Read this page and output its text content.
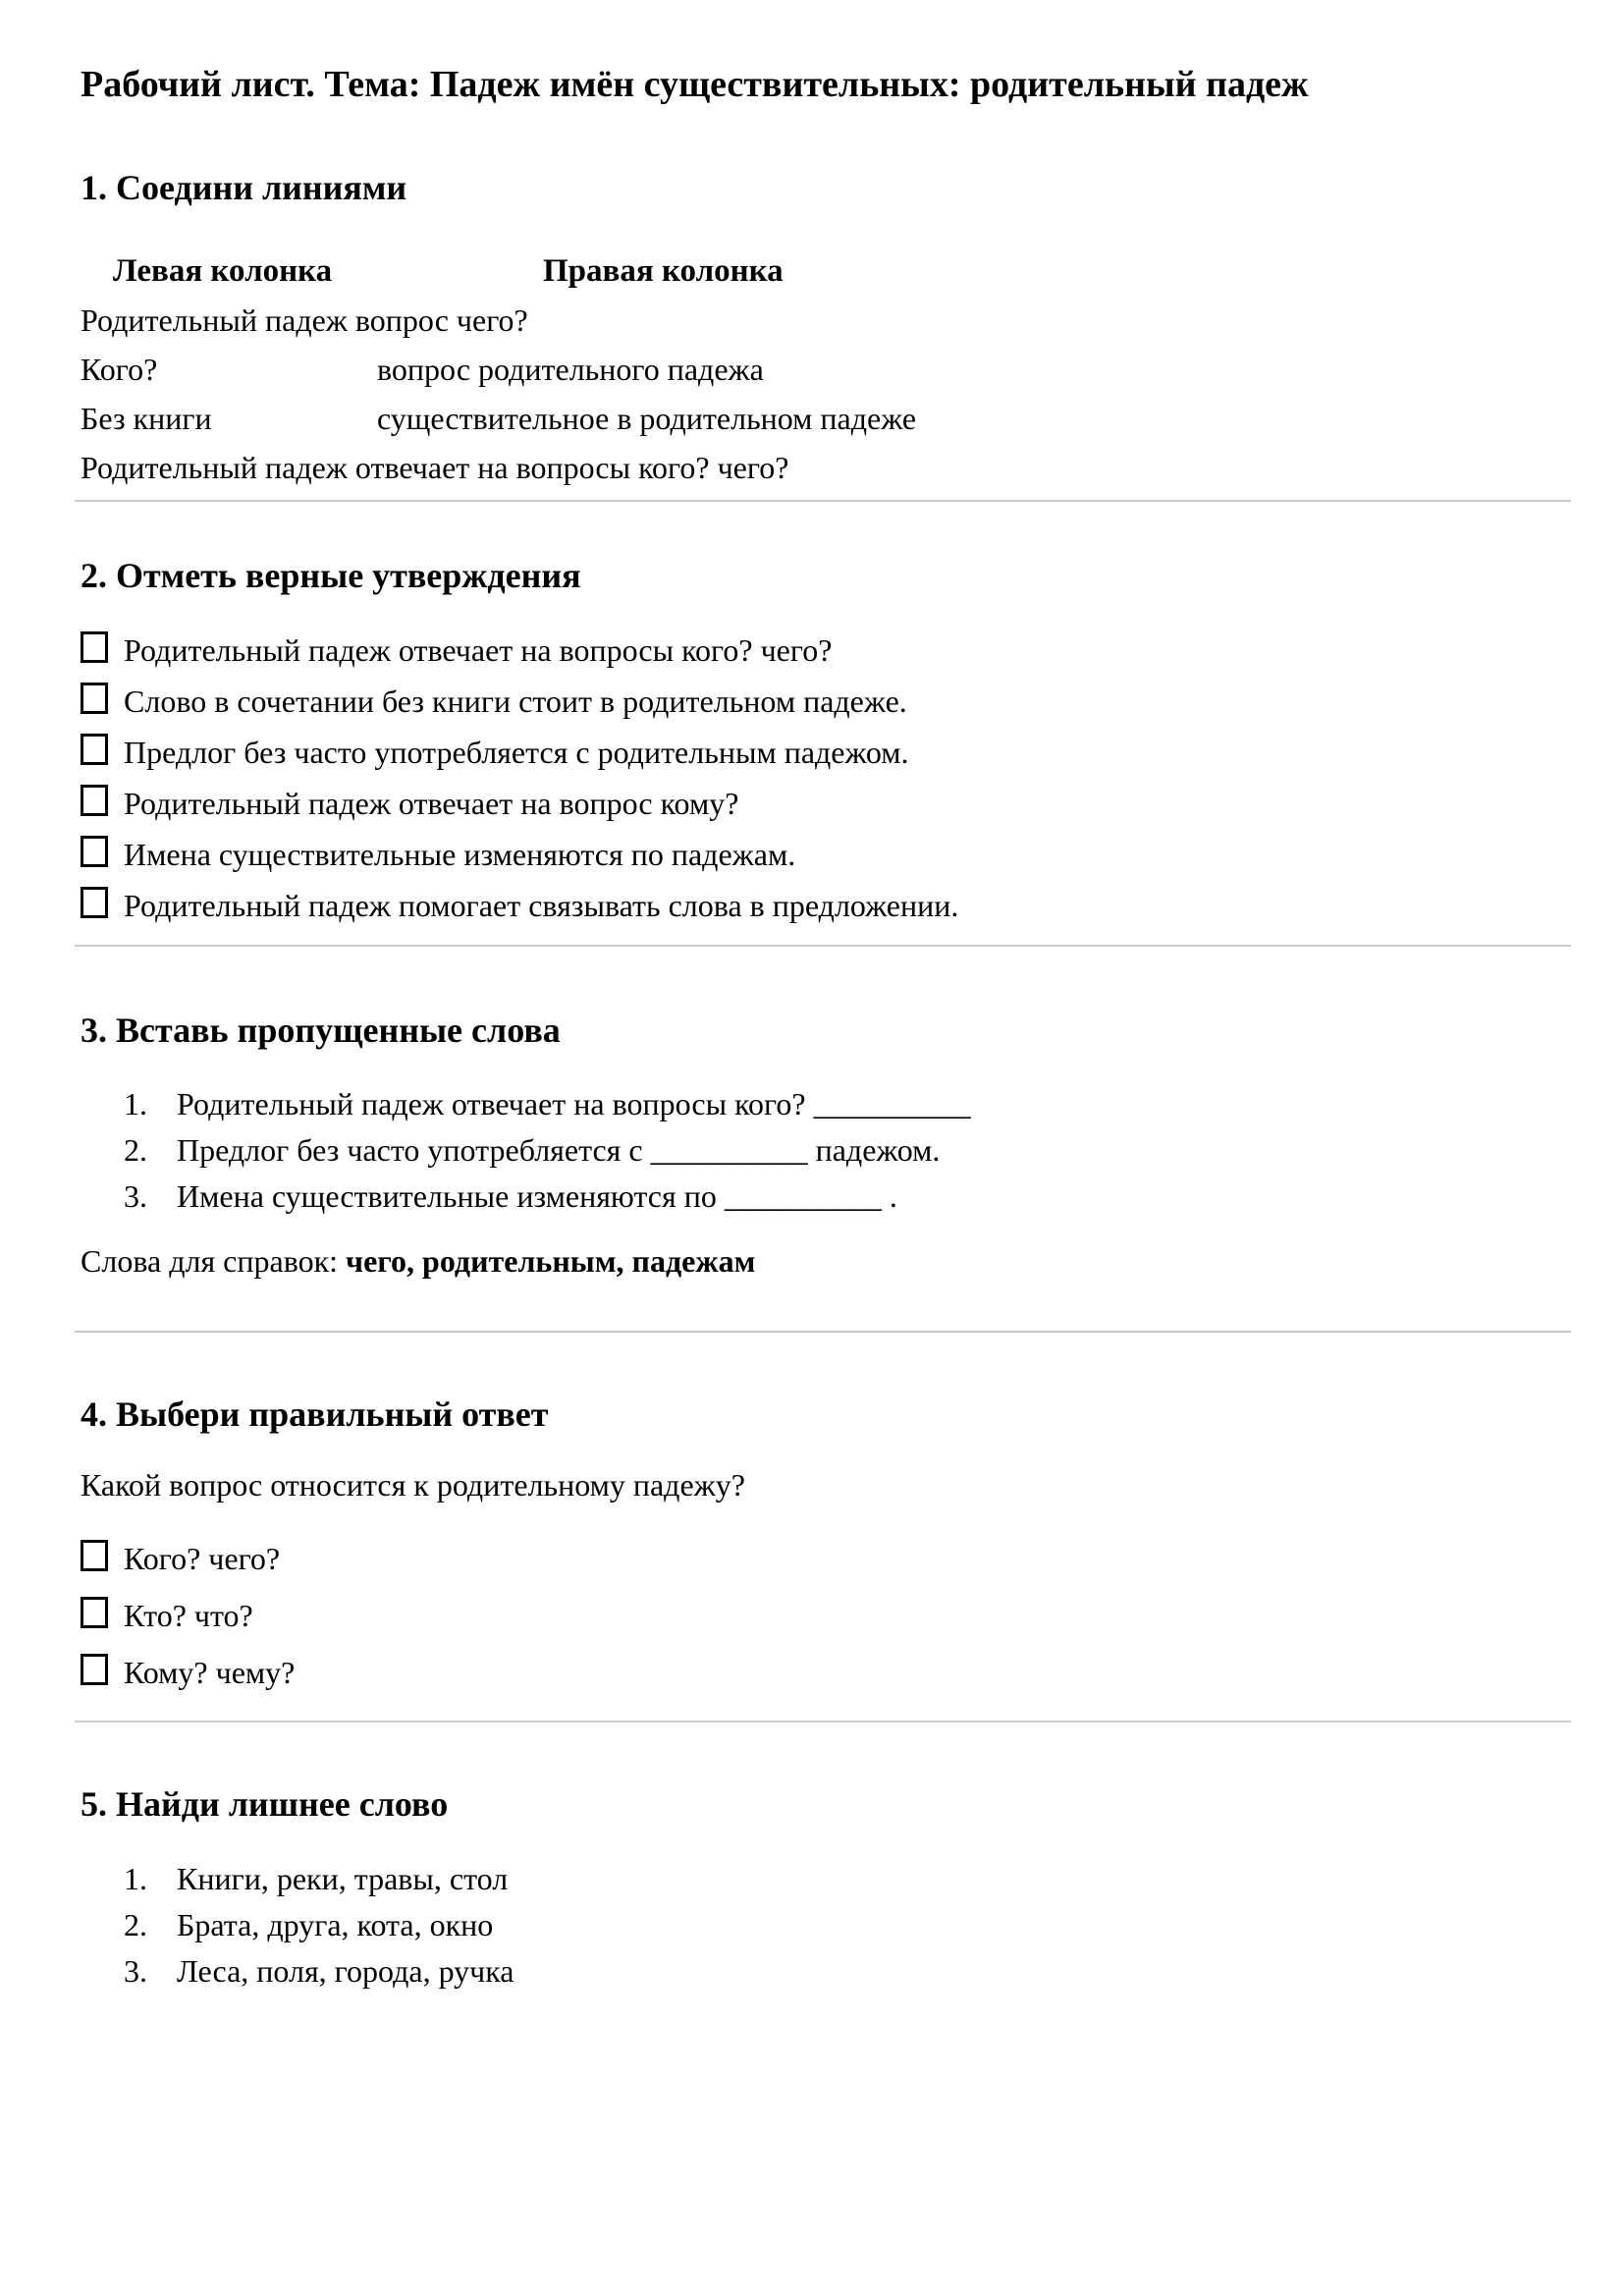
Рабочий лист. Тема: Падеж имён существительных: родительный падеж
1. Соедини линиями
Левая колонка	Правая колонка
Родительный падеж вопрос чего?
Кого?	вопрос родительного падежа
Без книги	существительное в родительном падеже
Родительный падеж отвечает на вопросы кого? чего?
2. Отметь верные утверждения
Родительный падеж отвечает на вопросы кого? чего?
Слово в сочетании без книги стоит в родительном падеже.
Предлог без часто употребляется с родительным падежом.
Родительный падеж отвечает на вопрос кому?
Имена существительные изменяются по падежам.
Родительный падеж помогает связывать слова в предложении.
3. Вставь пропущенные слова
1. Родительный падеж отвечает на вопросы кого? __________
2. Предлог без часто употребляется с __________ падежом.
3. Имена существительные изменяются по __________ .
Слова для справок: чего, родительным, падежам
4. Выбери правильный ответ
Какой вопрос относится к родительному падежу?
Кого? чего?
Кто? что?
Кому? чему?
5. Найди лишнее слово
1. Книги, реки, травы, стол
2. Брата, друга, кота, окно
3. Леса, поля, города, ручка
